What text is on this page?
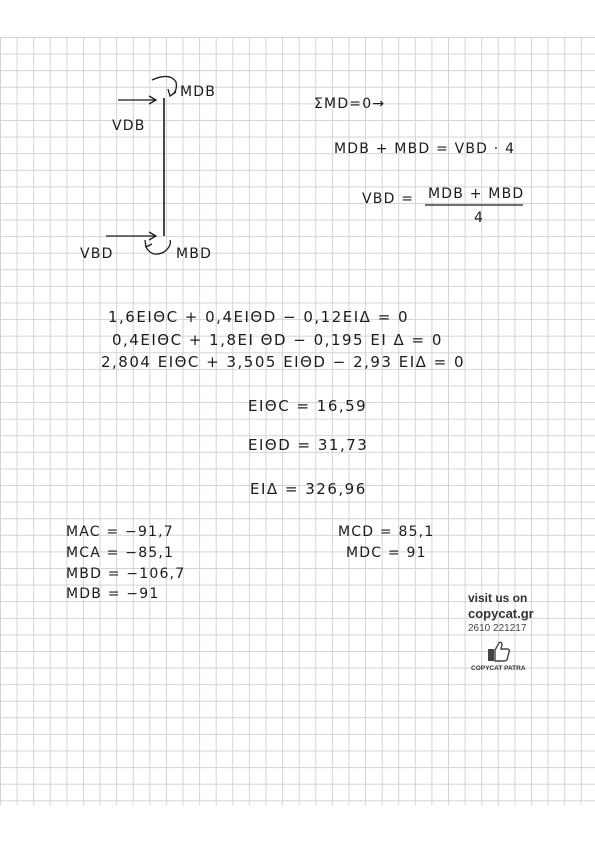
MDB
VDB
VBD	MBD
ΣMD=0→
MDB + MBD = VBD · 4
VBD = MDB + MBD
4
1,6ΕΙΘC + 0,4ΕΙΘD − 0,12ΕΙΔ = 0
0,4ΕΙΘC + 1,8ΕΙ ΘD − 0,195 ΕΙ Δ = 0
2,804 ΕΙΘC + 3,505 ΕΙΘD − 2,93 ΕΙΔ = 0
ΕΙΘC = 16,59
ΕΙΘD = 31,73
ΕΙΔ = 326,96
MAC = −91,7
MCA = −85,1
MBD = −106,7
MDB = −91
MCD = 85,1
MDC = 91
visit us on
copycat.gr
2610 221217
COPYCAT PATRA
